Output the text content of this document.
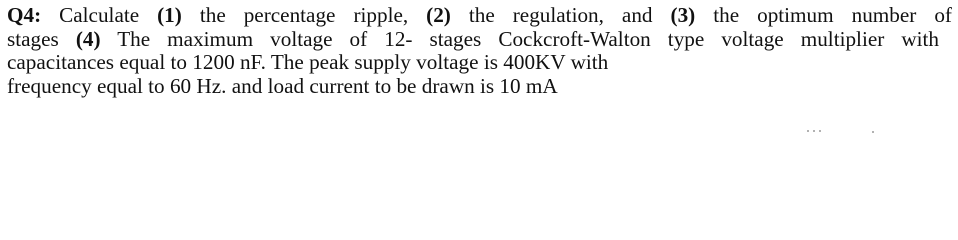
Q4: Calculate (1) the percentage ripple, (2) the regulation, and (3) the optimum number of
stages (4) The maximum voltage of 12- stages Cockcroft-Walton type voltage multiplier with
capacitances equal to 1200 nF. The peak supply voltage is 400KV with
frequency equal to 60 Hz. and load current to be drawn is 10 mA
